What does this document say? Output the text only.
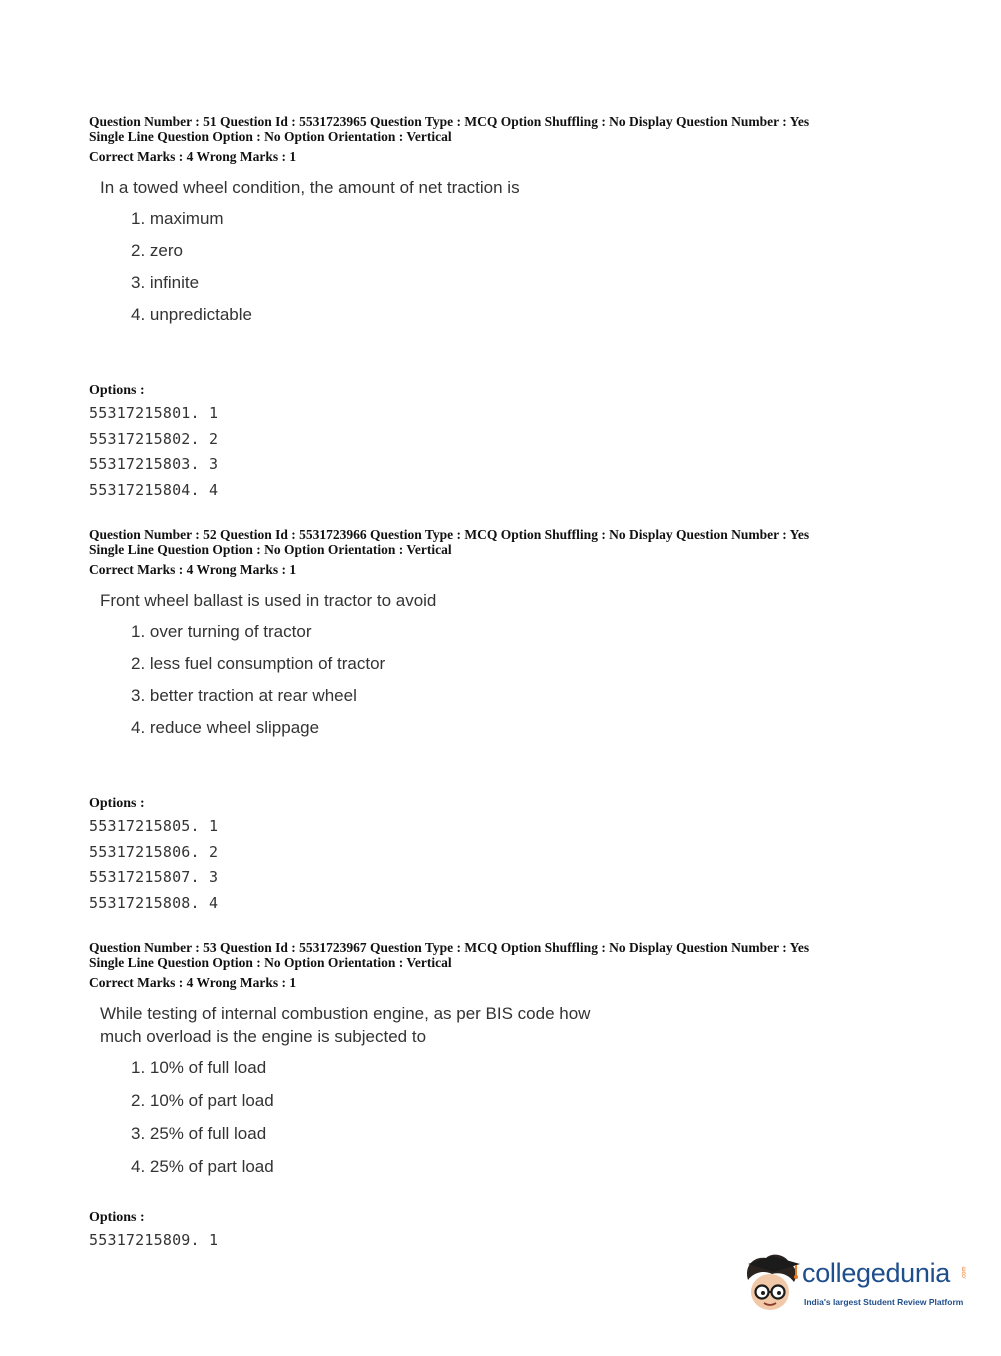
Question Number : 51 Question Id : 5531723965 Question Type : MCQ Option Shuffling : No Display Question Number : Yes

Single Line Question Option : No Option Orientation : Vertical

Correct Marks : 4 Wrong Marks : 1

In a towed wheel condition, the amount of net traction is

1. maximum
2. zero
3. infinite
4. unpredictable

Options :

55317215801. 1
55317215802. 2
55317215803. 3
55317215804. 4

Question Number : 52 Question Id : 5531723966 Question Type : MCQ Option Shuffling : No Display Question Number : Yes

Single Line Question Option : No Option Orientation : Vertical

Correct Marks : 4 Wrong Marks : 1

Front wheel ballast is used in tractor to avoid

1. over turning of tractor
2. less fuel consumption of tractor
3. better traction at rear wheel
4. reduce wheel slippage

Options :

55317215805. 1
55317215806. 2
55317215807. 3
55317215808. 4

Question Number : 53 Question Id : 5531723967 Question Type : MCQ Option Shuffling : No Display Question Number : Yes

Single Line Question Option : No Option Orientation : Vertical

Correct Marks : 4 Wrong Marks : 1

While testing of internal combustion engine, as per BIS code how
much overload is the engine is subjected to

1. 10% of full load
2. 10% of part load
3. 25% of full load
4. 25% of part load

Options :

55317215809. 1
collegedunia .com
India's largest Student Review Platform
